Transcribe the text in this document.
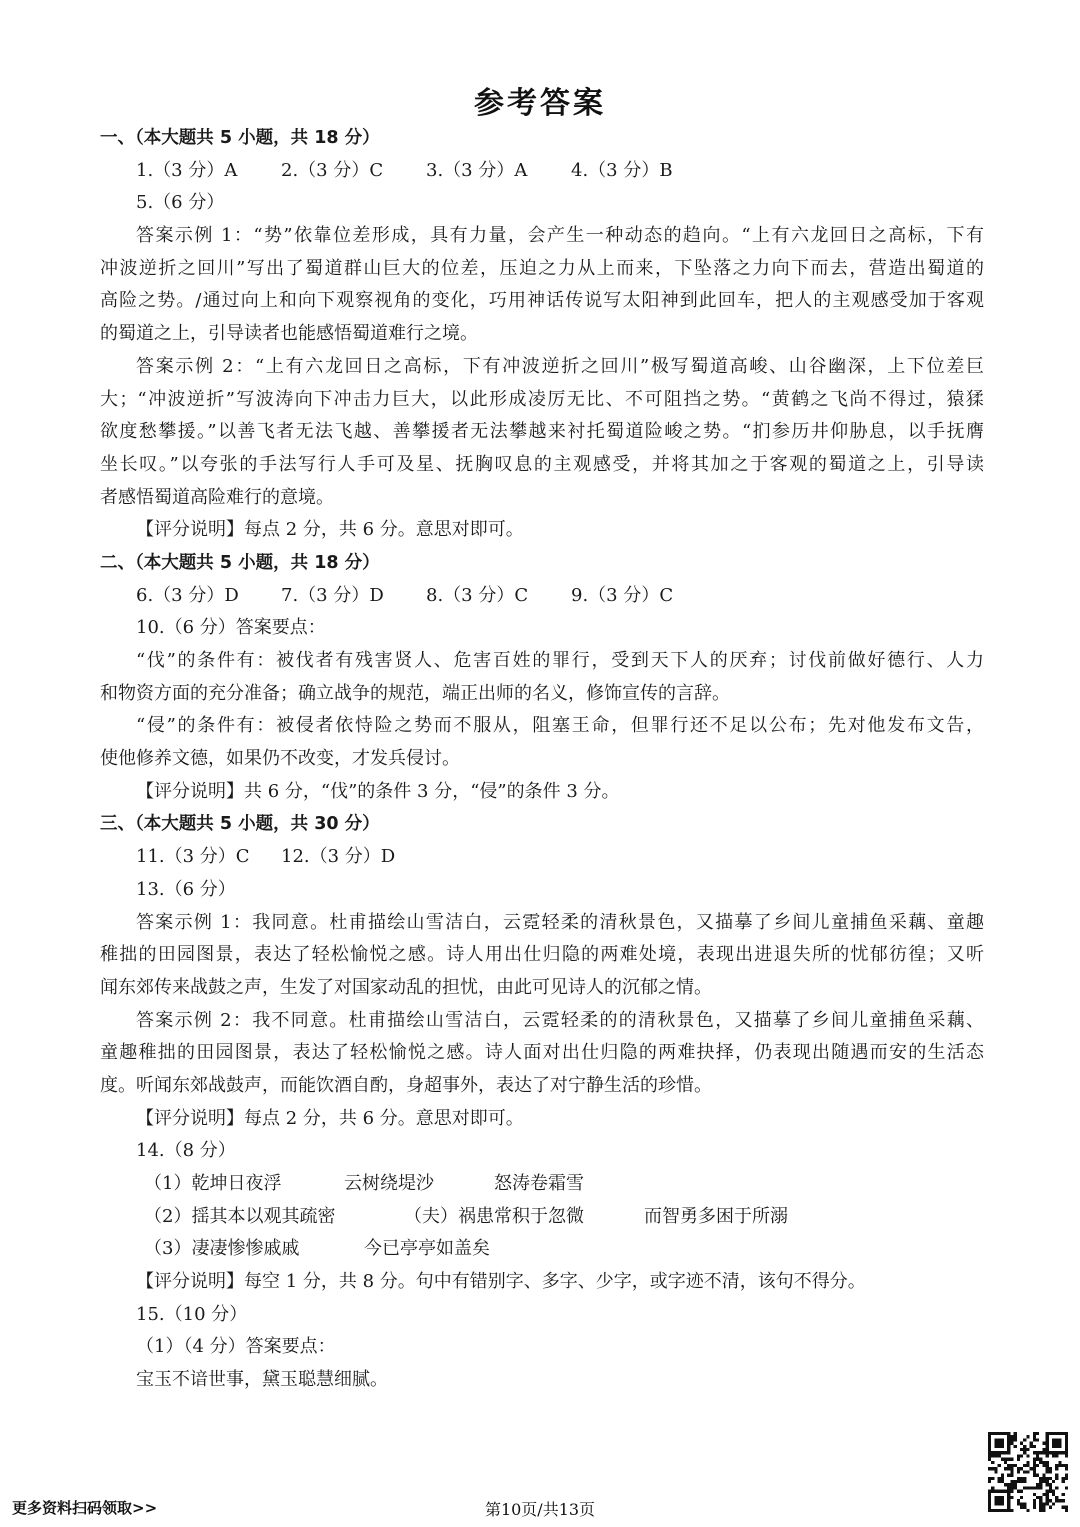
参考答案
一、（本大题共 5 小题，共 18 分）
1.（3 分）A 2.（3 分）C 3.（3 分）A 4.（3 分）B
5.（6 分）
答案示例 1：“势”依靠位差形成，具有力量，会产生一种动态的趋向。“上有六龙回日之高标，下有
冲波逆折之回川”写出了蜀道群山巨大的位差，压迫之力从上而来，下坠落之力向下而去，营造出蜀道的
高险之势。/通过向上和向下观察视角的变化，巧用神话传说写太阳神到此回车，把人的主观感受加于客观
的蜀道之上，引导读者也能感悟蜀道难行之境。
答案示例 2：“上有六龙回日之高标，下有冲波逆折之回川”极写蜀道高峻、山谷幽深，上下位差巨
大；“冲波逆折”写波涛向下冲击力巨大，以此形成凌厉无比、不可阻挡之势。“黄鹤之飞尚不得过，猿猱
欲度愁攀援。”以善飞者无法飞越、善攀援者无法攀越来衬托蜀道险峻之势。“扪参历井仰胁息，以手抚膺
坐长叹。”以夸张的手法写行人手可及星、抚胸叹息的主观感受，并将其加之于客观的蜀道之上，引导读
者感悟蜀道高险难行的意境。
【评分说明】每点 2 分，共 6 分。意思对即可。
二、（本大题共 5 小题，共 18 分）
6.（3 分）D 7.（3 分）D 8.（3 分）C 9.（3 分）C
10.（6 分）答案要点：
“伐”的条件有：被伐者有残害贤人、危害百姓的罪行，受到天下人的厌弃；讨伐前做好德行、人力
和物资方面的充分准备；确立战争的规范，端正出师的名义，修饰宣传的言辞。
“侵”的条件有：被侵者依恃险之势而不服从，阻塞王命，但罪行还不足以公布；先对他发布文告，
使他修养文德，如果仍不改变，才发兵侵讨。
【评分说明】共 6 分，“伐”的条件 3 分，“侵”的条件 3 分。
三、（本大题共 5 小题，共 30 分）
11.（3 分）C 12.（3 分）D
13.（6 分）
答案示例 1：我同意。杜甫描绘山雪洁白，云霓轻柔的清秋景色，又描摹了乡间儿童捕鱼采藕、童趣
稚拙的田园图景，表达了轻松愉悦之感。诗人用出仕归隐的两难处境，表现出进退失所的忧郁彷徨；又听
闻东郊传来战鼓之声，生发了对国家动乱的担忧，由此可见诗人的沉郁之情。
答案示例 2：我不同意。杜甫描绘山雪洁白，云霓轻柔的的清秋景色，又描摹了乡间儿童捕鱼采藕、
童趣稚拙的田园图景，表达了轻松愉悦之感。诗人面对出仕归隐的两难抉择，仍表现出随遇而安的生活态
度。听闻东郊战鼓声，而能饮酒自酌，身超事外，表达了对宁静生活的珍惜。
【评分说明】每点 2 分，共 6 分。意思对即可。
14.（8 分）
（1）乾坤日夜浮	云树绕堤沙	怒涛卷霜雪
（2）揺其本以观其疏密	（夫）祸患常积于忽微	而智勇多困于所溺
（3）凄凄惨惨戚戚	今已亭亭如盖矣
【评分说明】每空 1 分，共 8 分。句中有错别字、多字、少字，或字迹不清，该句不得分。
15.（10 分）
（1）（4 分）答案要点：
宝玉不谙世事，黛玉聪慧细腻。
更多资料扫码领取>>	第10页/共13页
